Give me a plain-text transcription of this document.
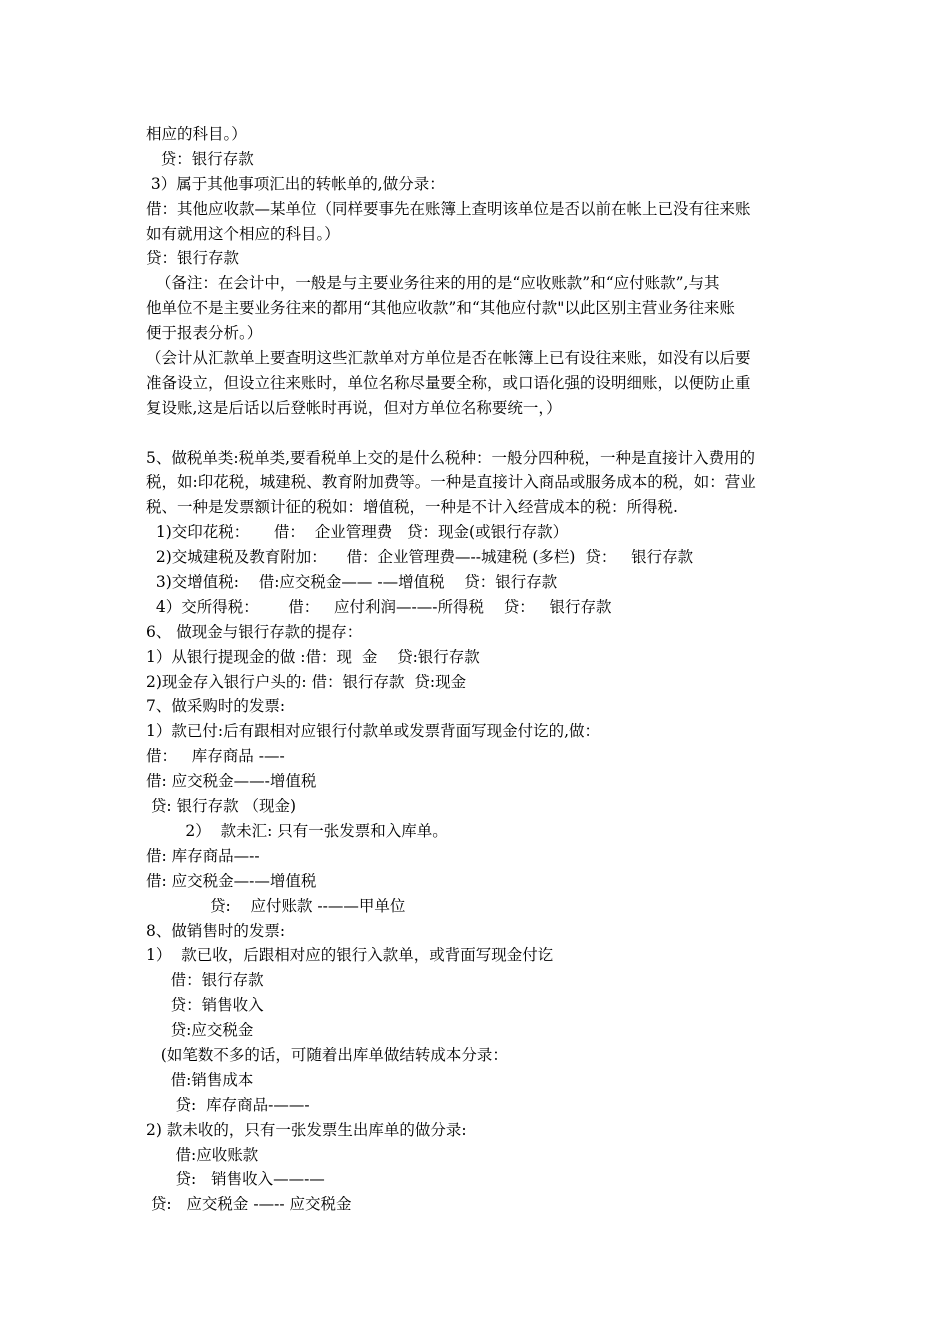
相应的科目。）
贷：银行存款
3）属于其他事项汇出的转帐单的,做分录：
借：其他应收款—某单位（同样要事先在账簿上查明该单位是否以前在帐上已没有往来账
如有就用这个相应的科目。）
贷：银行存款
（备注：在会计中，一般是与主要业务往来的用的是“应收账款”和“应付账款”,与其
他单位不是主要业务往来的都用“其他应收款”和“其他应付款"以此区别主营业务往来账
便于报表分析。）
（会计从汇款单上要查明这些汇款单对方单位是否在帐簿上已有设往来账，如没有以后要
准备设立，但设立往来账时，单位名称尽量要全称，或口语化强的设明细账，以便防止重
复设账,这是后话以后登帐时再说，但对方单位名称要统一，）
5、做税单类:税单类,要看税单上交的是什么税种：一般分四种税，一种是直接计入费用的
税，如:印花税，城建税、教育附加费等。一种是直接计入商品或服务成本的税，如：营业
税、一种是发票额计征的税如：增值税，一种是不计入经营成本的税：所得税.
1)交印花税：     借：  企业管理费   贷：现金(或银行存款）
2)交城建税及教育附加：    借：企业管理费—--城建税 (多栏)  贷：   银行存款
3)交增值税:    借:应交税金—— -—增值税    贷：银行存款
4）交所得税：      借：   应付利润—-—-所得税    贷：   银行存款
6、 做现金与银行存款的提存：
1）从银行提现金的做 :借：现  金    贷:银行存款
2)现金存入银行户头的: 借：银行存款  贷:现金
7、做采购时的发票:
1）款已付:后有跟相对应银行付款单或发票背面写现金付讫的,做：
借：   库存商品 -—-
借: 应交税金——-增值税
贷: 银行存款 （现金)
2）  款未汇: 只有一张发票和入库单。
借: 库存商品—--
借: 应交税金—-—增值税
贷:    应付账款 --——甲单位
8、做销售时的发票:
1）  款已收，后跟相对应的银行入款单，或背面写现金付讫
借：银行存款
贷：销售收入
贷:应交税金
(如笔数不多的话，可随着出库单做结转成本分录：
借:销售成本
贷:  库存商品-——-
2) 款未收的，只有一张发票生出库单的做分录:
借:应收账款
贷:   销售收入——-—
贷:   应交税金 -—-- 应交税金
